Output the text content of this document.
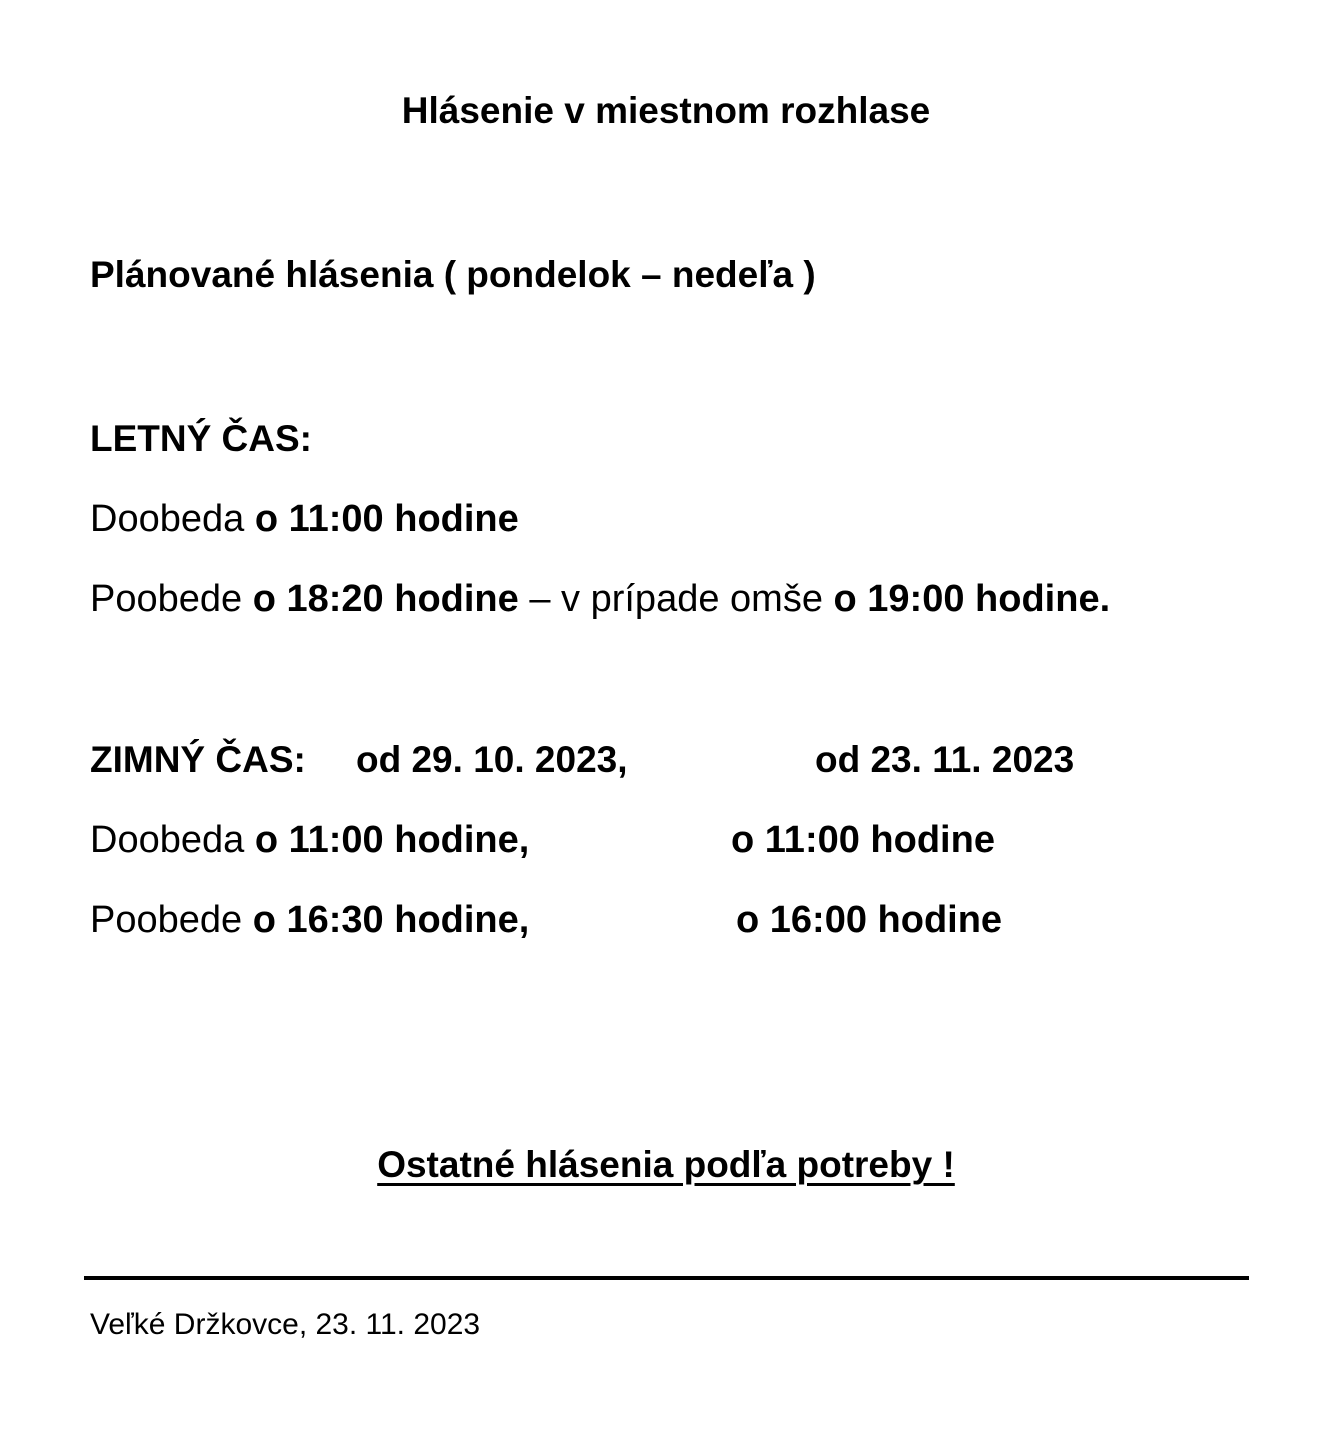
Hlásenie v miestnom rozhlase
Plánované hlásenia ( pondelok – nedeľa )
LETNÝ ČAS:
Doobeda o 11:00 hodine
Poobede o 18:20 hodine – v prípade omše o 19:00 hodine.
ZIMNÝ ČAS: od 29. 10. 2023,	od 23. 11. 2023
Doobeda o 11:00 hodine,	o 11:00 hodine
Poobede o 16:30 hodine,	o 16:00 hodine
Ostatné hlásenia podľa potreby !
Veľké Držkovce, 23. 11. 2023
